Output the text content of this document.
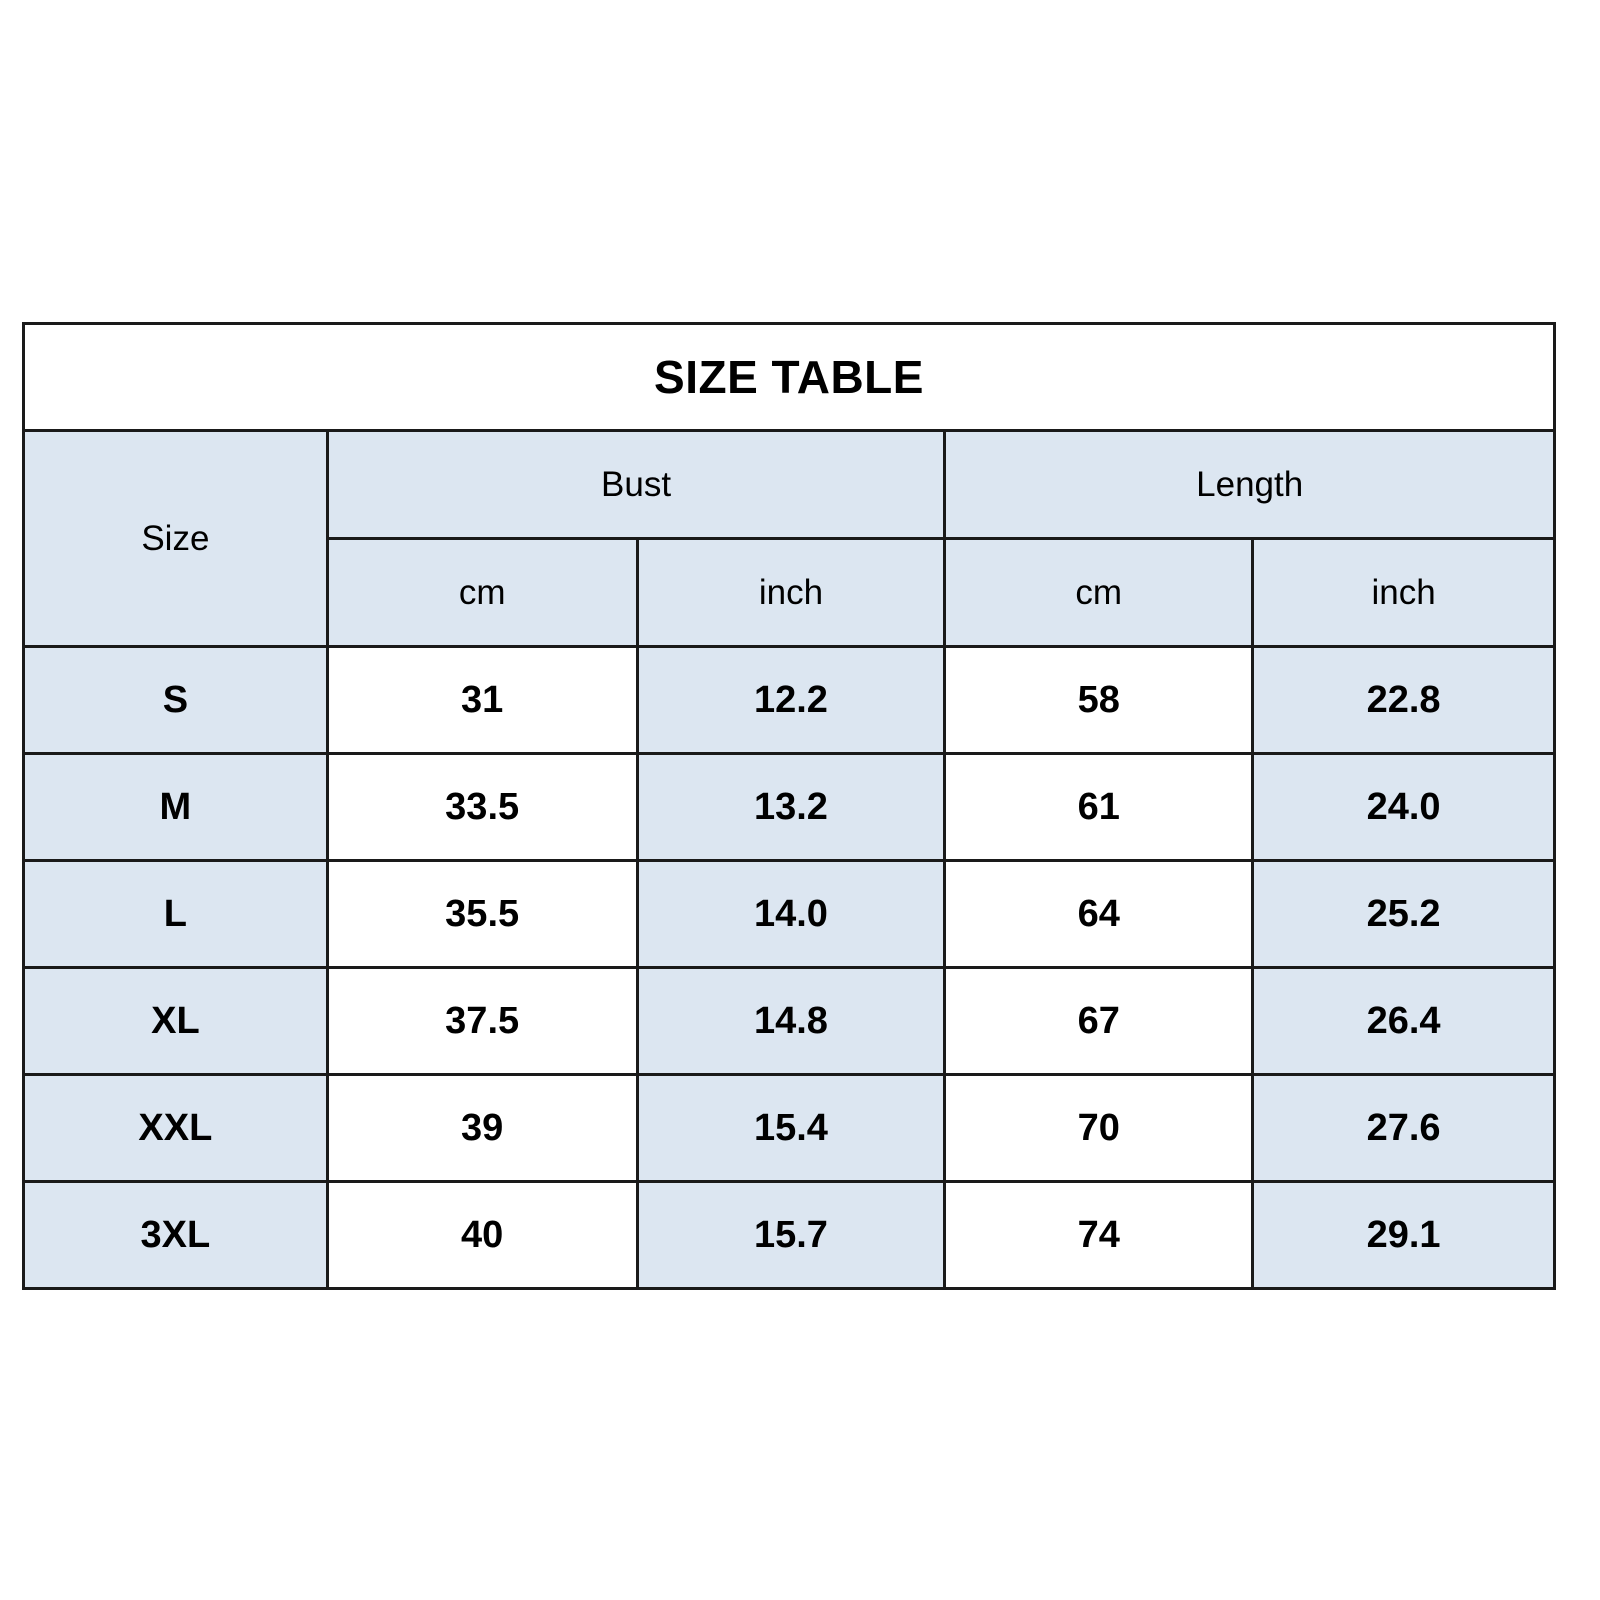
SIZE TABLE				
Size	Bust		Length	
	cm	inch	cm	inch
S	31	12.2	58	22.8
M	33.5	13.2	61	24.0
L	35.5	14.0	64	25.2
XL	37.5	14.8	67	26.4
XXL	39	15.4	70	27.6
3XL	40	15.7	74	29.1
